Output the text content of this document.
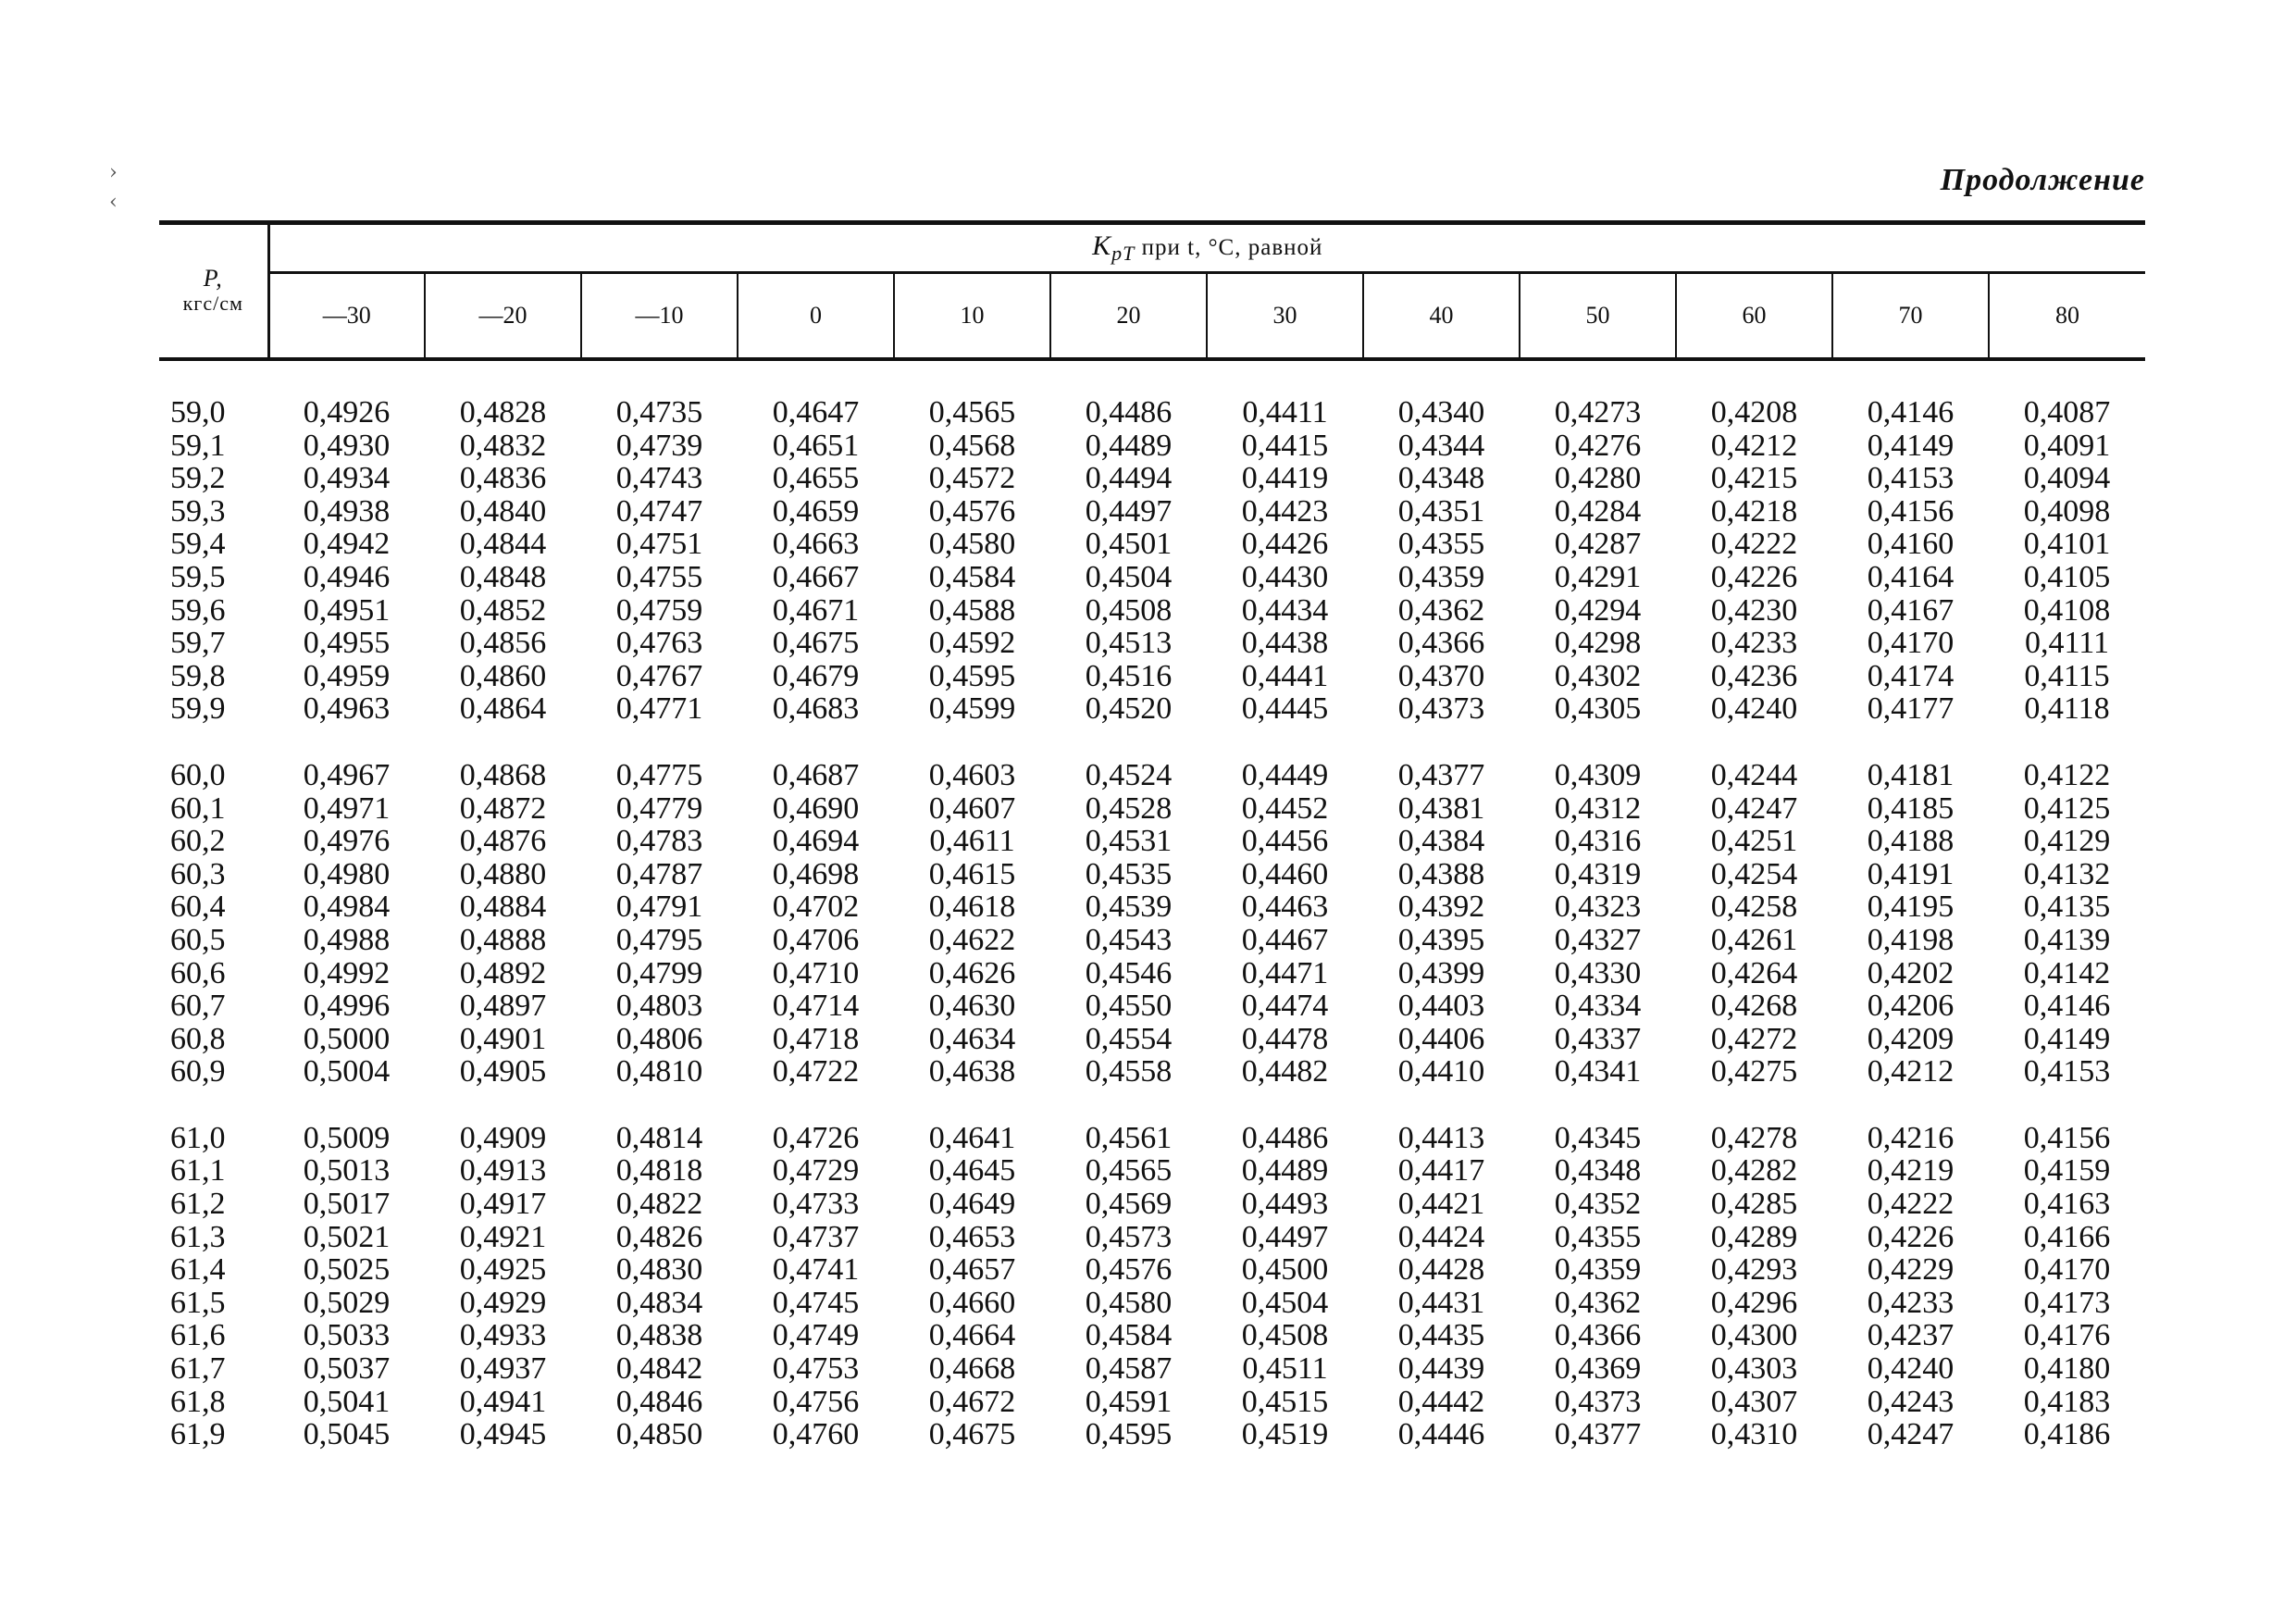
›
‹
Продолжение
P,
кгс/см	$K_{pT}$ при t, °C, равной											
	—30	—20	—10	0	10	20	30	40	50	60	70	80

59,0	0,4926	0,4828	0,4735	0,4647	0,4565	0,4486	0,4411	0,4340	0,4273	0,4208	0,4146	0,4087
59,1	0,4930	0,4832	0,4739	0,4651	0,4568	0,4489	0,4415	0,4344	0,4276	0,4212	0,4149	0,4091
59,2	0,4934	0,4836	0,4743	0,4655	0,4572	0,4494	0,4419	0,4348	0,4280	0,4215	0,4153	0,4094
59,3	0,4938	0,4840	0,4747	0,4659	0,4576	0,4497	0,4423	0,4351	0,4284	0,4218	0,4156	0,4098
59,4	0,4942	0,4844	0,4751	0,4663	0,4580	0,4501	0,4426	0,4355	0,4287	0,4222	0,4160	0,4101
59,5	0,4946	0,4848	0,4755	0,4667	0,4584	0,4504	0,4430	0,4359	0,4291	0,4226	0,4164	0,4105
59,6	0,4951	0,4852	0,4759	0,4671	0,4588	0,4508	0,4434	0,4362	0,4294	0,4230	0,4167	0,4108
59,7	0,4955	0,4856	0,4763	0,4675	0,4592	0,4513	0,4438	0,4366	0,4298	0,4233	0,4170	0,4111
59,8	0,4959	0,4860	0,4767	0,4679	0,4595	0,4516	0,4441	0,4370	0,4302	0,4236	0,4174	0,4115
59,9	0,4963	0,4864	0,4771	0,4683	0,4599	0,4520	0,4445	0,4373	0,4305	0,4240	0,4177	0,4118

60,0	0,4967	0,4868	0,4775	0,4687	0,4603	0,4524	0,4449	0,4377	0,4309	0,4244	0,4181	0,4122
60,1	0,4971	0,4872	0,4779	0,4690	0,4607	0,4528	0,4452	0,4381	0,4312	0,4247	0,4185	0,4125
60,2	0,4976	0,4876	0,4783	0,4694	0,4611	0,4531	0,4456	0,4384	0,4316	0,4251	0,4188	0,4129
60,3	0,4980	0,4880	0,4787	0,4698	0,4615	0,4535	0,4460	0,4388	0,4319	0,4254	0,4191	0,4132
60,4	0,4984	0,4884	0,4791	0,4702	0,4618	0,4539	0,4463	0,4392	0,4323	0,4258	0,4195	0,4135
60,5	0,4988	0,4888	0,4795	0,4706	0,4622	0,4543	0,4467	0,4395	0,4327	0,4261	0,4198	0,4139
60,6	0,4992	0,4892	0,4799	0,4710	0,4626	0,4546	0,4471	0,4399	0,4330	0,4264	0,4202	0,4142
60,7	0,4996	0,4897	0,4803	0,4714	0,4630	0,4550	0,4474	0,4403	0,4334	0,4268	0,4206	0,4146
60,8	0,5000	0,4901	0,4806	0,4718	0,4634	0,4554	0,4478	0,4406	0,4337	0,4272	0,4209	0,4149
60,9	0,5004	0,4905	0,4810	0,4722	0,4638	0,4558	0,4482	0,4410	0,4341	0,4275	0,4212	0,4153

61,0	0,5009	0,4909	0,4814	0,4726	0,4641	0,4561	0,4486	0,4413	0,4345	0,4278	0,4216	0,4156
61,1	0,5013	0,4913	0,4818	0,4729	0,4645	0,4565	0,4489	0,4417	0,4348	0,4282	0,4219	0,4159
61,2	0,5017	0,4917	0,4822	0,4733	0,4649	0,4569	0,4493	0,4421	0,4352	0,4285	0,4222	0,4163
61,3	0,5021	0,4921	0,4826	0,4737	0,4653	0,4573	0,4497	0,4424	0,4355	0,4289	0,4226	0,4166
61,4	0,5025	0,4925	0,4830	0,4741	0,4657	0,4576	0,4500	0,4428	0,4359	0,4293	0,4229	0,4170
61,5	0,5029	0,4929	0,4834	0,4745	0,4660	0,4580	0,4504	0,4431	0,4362	0,4296	0,4233	0,4173
61,6	0,5033	0,4933	0,4838	0,4749	0,4664	0,4584	0,4508	0,4435	0,4366	0,4300	0,4237	0,4176
61,7	0,5037	0,4937	0,4842	0,4753	0,4668	0,4587	0,4511	0,4439	0,4369	0,4303	0,4240	0,4180
61,8	0,5041	0,4941	0,4846	0,4756	0,4672	0,4591	0,4515	0,4442	0,4373	0,4307	0,4243	0,4183
61,9	0,5045	0,4945	0,4850	0,4760	0,4675	0,4595	0,4519	0,4446	0,4377	0,4310	0,4247	0,4186
